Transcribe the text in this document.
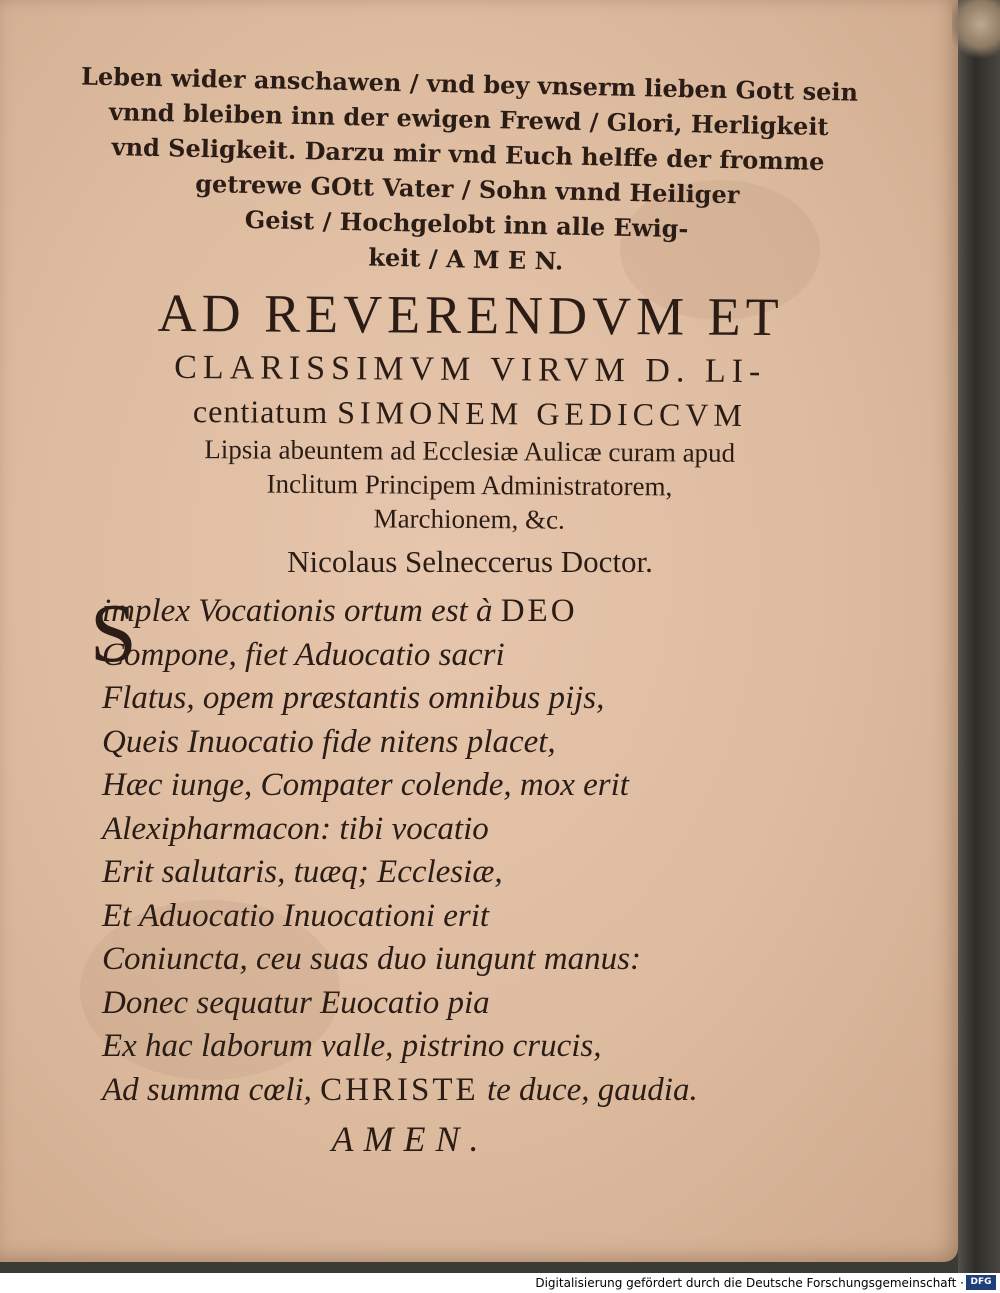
Leben wider anschawen / vnd bey vnserm lieben Gott sein
vnnd bleiben inn der ewigen Frewd / Glori, Herligkeit
vnd Seligkeit. Darzu mir vnd Euch helffe der fromme
getrewe GOtt Vater / Sohn vnnd Heiliger
Geist / Hochgelobt inn alle Ewig-
keit / A M E N.
AD REVERENDVM ET
CLARISSIMVM VIRVM D. LI-
centiatum SIMONEM GEDICCVM
Lipsia abeuntem ad Ecclesiæ Aulicæ curam apud
Inclitum Principem Administratorem,
Marchionem, &c.
Nicolaus Selneccerus Doctor.
S
implex Vocationis ortum est à DEO
Compone, fiet Aduocatio sacri
Flatus, opem præstantis omnibus pijs,
Queis Inuocatio fide nitens placet,
Hæc iunge, Compater colende, mox erit
Alexipharmacon: tibi vocatio
Erit salutaris, tuæq; Ecclesiæ,
Et Aduocatio Inuocationi erit
Coniuncta, ceu suas duo iungunt manus:
Donec sequatur Euocatio pia
Ex hac laborum valle, pistrino crucis,
Ad summa cœli, CHRISTE te duce, gaudia.
AMEN.
Digitalisierung gefördert durch die Deutsche Forschungsgemeinschaft · DFG
